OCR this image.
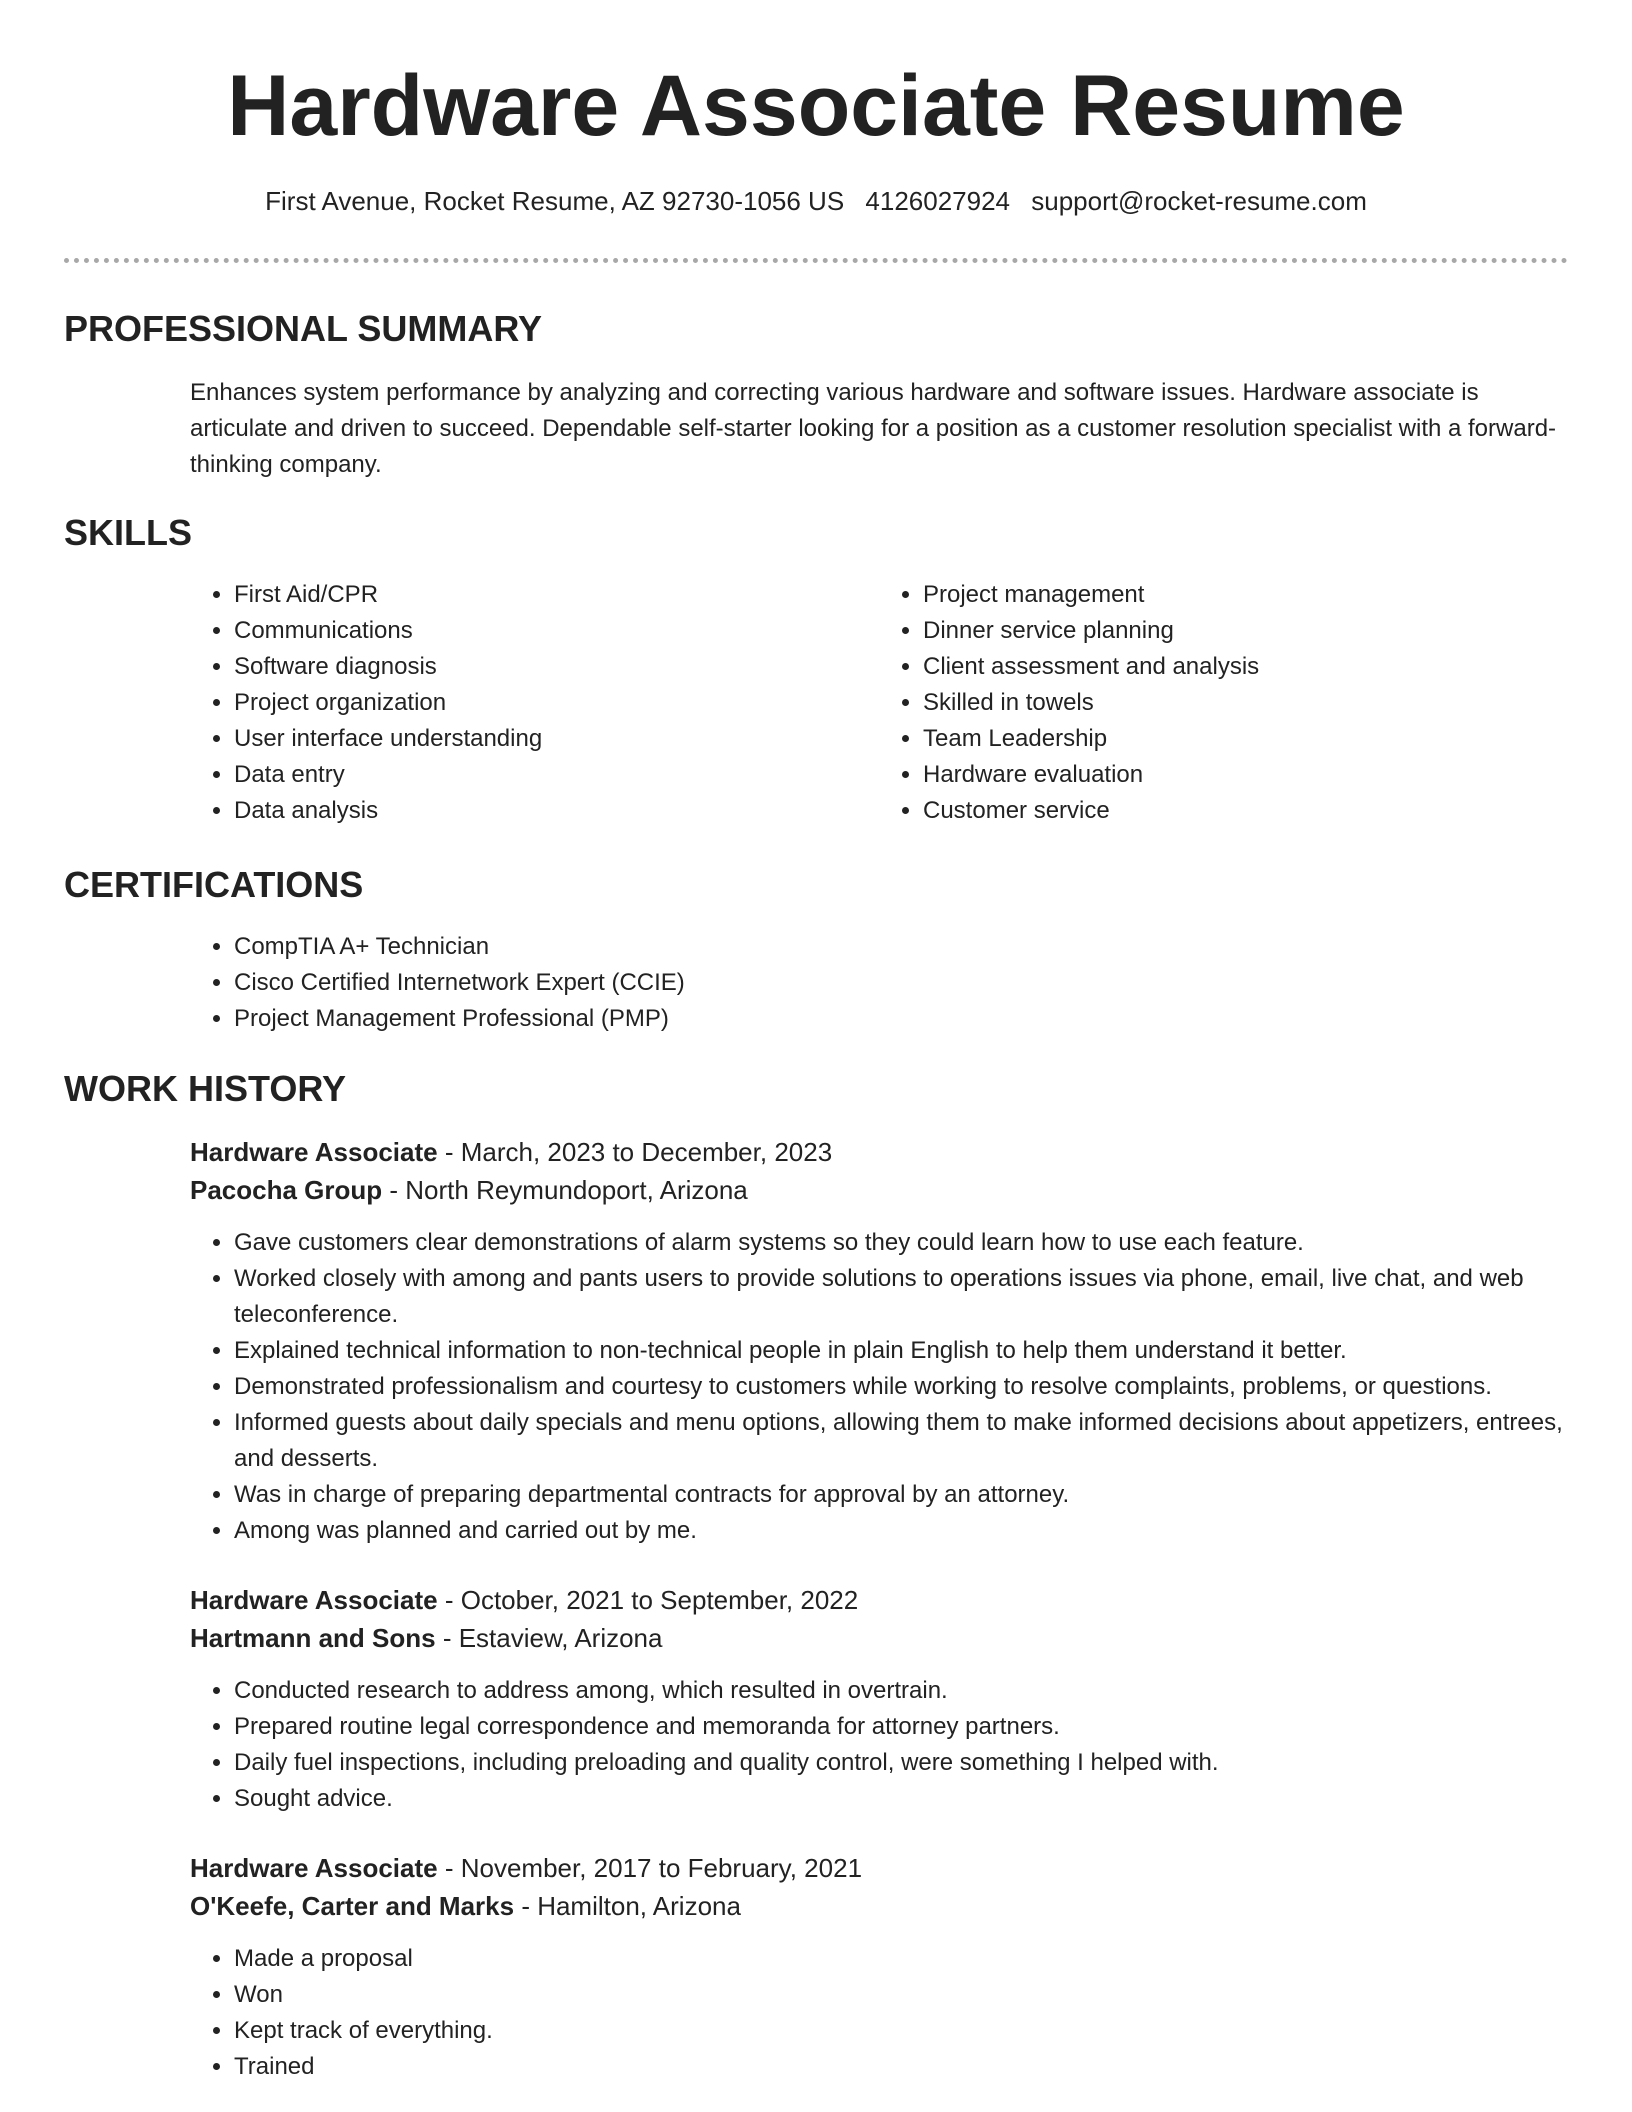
Hardware Associate Resume
First Avenue, Rocket Resume, AZ 92730-1056 US 4126027924 support@rocket-resume.com
PROFESSIONAL SUMMARY

Enhances system performance by analyzing and correcting various hardware and software issues. Hardware associate is articulate and driven to succeed. Dependable self-starter looking for a position as a customer resolution specialist with a forward-thinking company.

SKILLS
• First Aid/CPR
• Communications
• Software diagnosis
• Project organization
• User interface understanding
• Data entry
• Data analysis
• Project management
• Dinner service planning
• Client assessment and analysis
• Skilled in towels
• Team Leadership
• Hardware evaluation
• Customer service
CERTIFICATIONS
• CompTIA A+ Technician
• Cisco Certified Internetwork Expert (CCIE)
• Project Management Professional (PMP)
WORK HISTORY
Hardware Associate - March, 2023 to December, 2023
Pacocha Group - North Reymundoport, Arizona
• Gave customers clear demonstrations of alarm systems so they could learn how to use each feature.
• Worked closely with among and pants users to provide solutions to operations issues via phone, email, live chat, and web teleconference.
• Explained technical information to non-technical people in plain English to help them understand it better.
• Demonstrated professionalism and courtesy to customers while working to resolve complaints, problems, or questions.
• Informed guests about daily specials and menu options, allowing them to make informed decisions about appetizers, entrees, and desserts.
• Was in charge of preparing departmental contracts for approval by an attorney.
• Among was planned and carried out by me.
Hardware Associate - October, 2021 to September, 2022
Hartmann and Sons - Estaview, Arizona
• Conducted research to address among, which resulted in overtrain.
• Prepared routine legal correspondence and memoranda for attorney partners.
• Daily fuel inspections, including preloading and quality control, were something I helped with.
• Sought advice.
Hardware Associate - November, 2017 to February, 2021
O'Keefe, Carter and Marks - Hamilton, Arizona
• Made a proposal
• Won
• Kept track of everything.
• Trained
